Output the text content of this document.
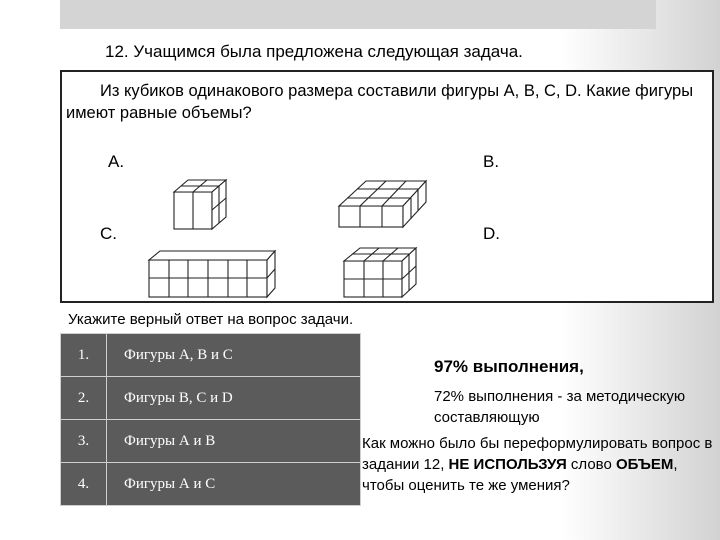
12. Учащимся была предложена следующая задача.
Из кубиков одинакового размера составили фигуры А, В, С, D. Какие фигуры имеют равные объемы?
А.	В.
С.	D.
Укажите верный ответ на вопрос задачи.
1.	Фигуры А, В и С
2.	Фигуры В, С и D
3.	Фигуры А и В
4.	Фигуры А и С
97% выполнения,
72% выполнения - за методическую составляющую
Как можно было бы переформулировать вопрос в задании 12, НЕ ИСПОЛЬЗУЯ слово ОБЪЕМ, чтобы оценить те же умения?
